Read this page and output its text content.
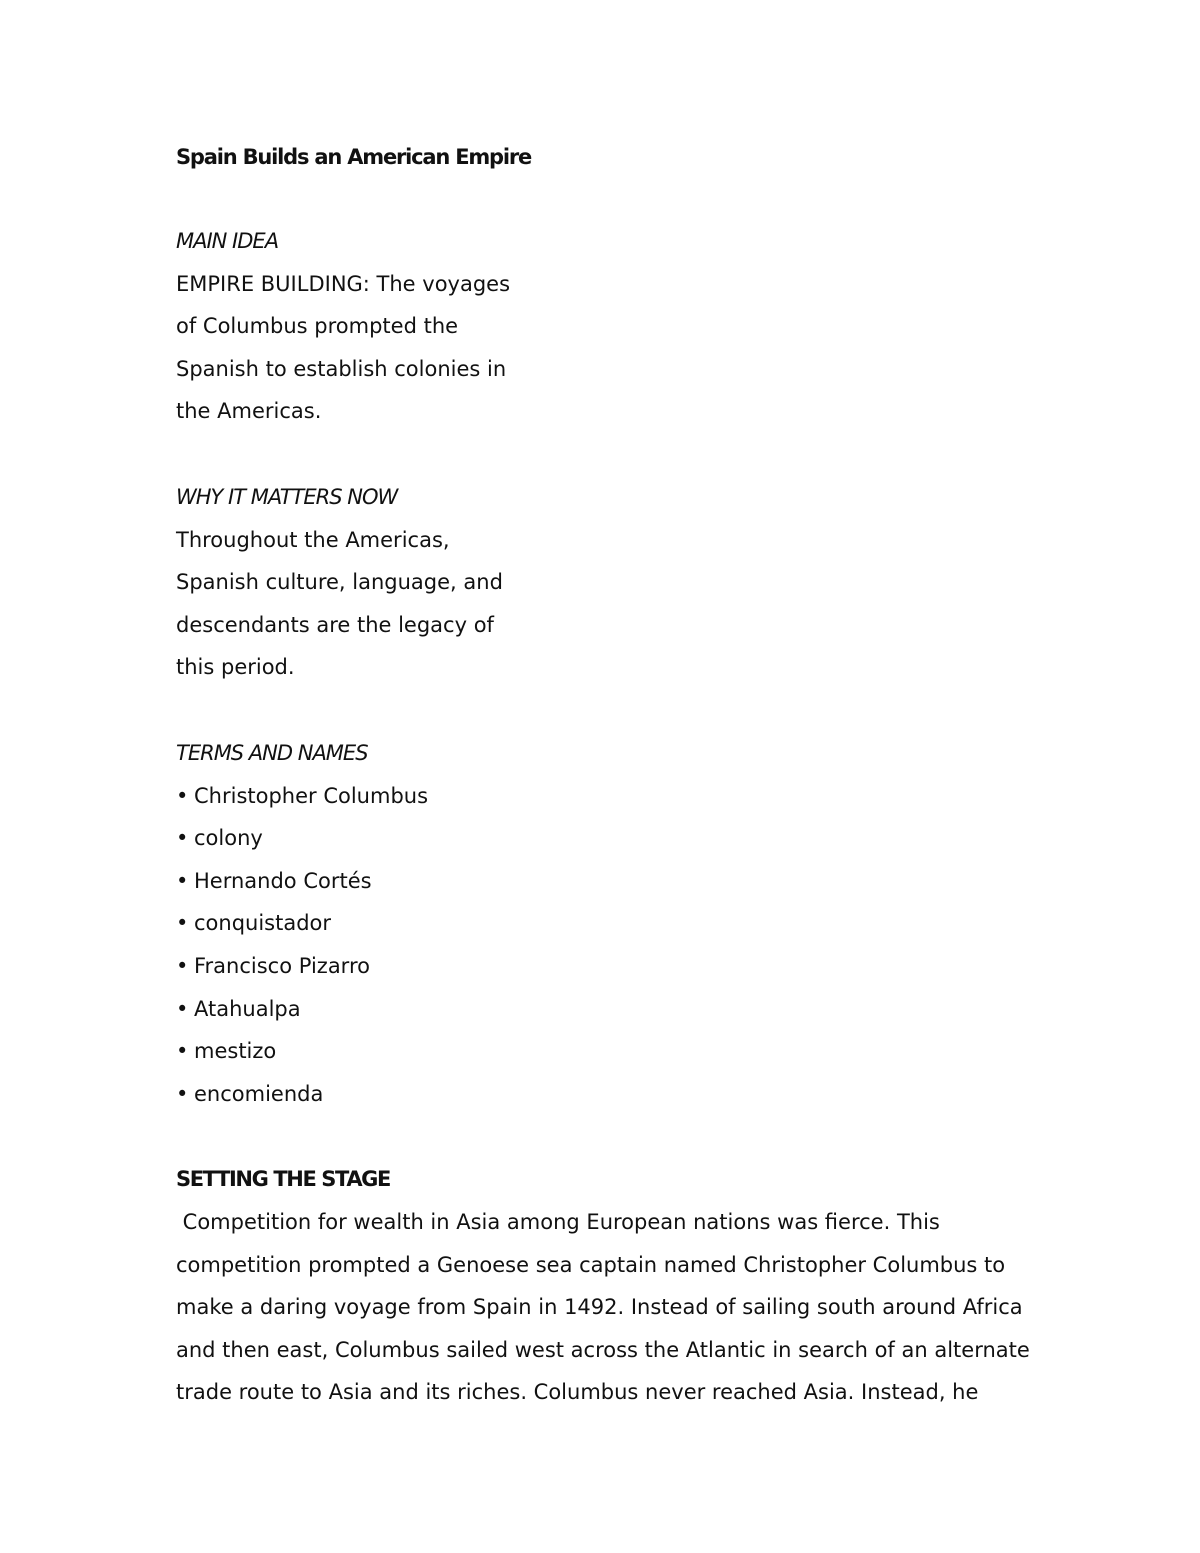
Spain Builds an American Empire
MAIN IDEA
EMPIRE BUILDING: The voyages
of Columbus prompted the
Spanish to establish colonies in
the Americas.
WHY IT MATTERS NOW
Throughout the Americas,
Spanish culture, language, and
descendants are the legacy of
this period.
TERMS AND NAMES
• Christopher Columbus
• colony
• Hernando Cortés
• conquistador
• Francisco Pizarro
• Atahualpa
• mestizo
• encomienda
SETTING THE STAGE
Competition for wealth in Asia among European nations was fierce. This
competition prompted a Genoese sea captain named Christopher Columbus to
make a daring voyage from Spain in 1492. Instead of sailing south around Africa
and then east, Columbus sailed west across the Atlantic in search of an alternate
trade route to Asia and its riches. Columbus never reached Asia. Instead, he
